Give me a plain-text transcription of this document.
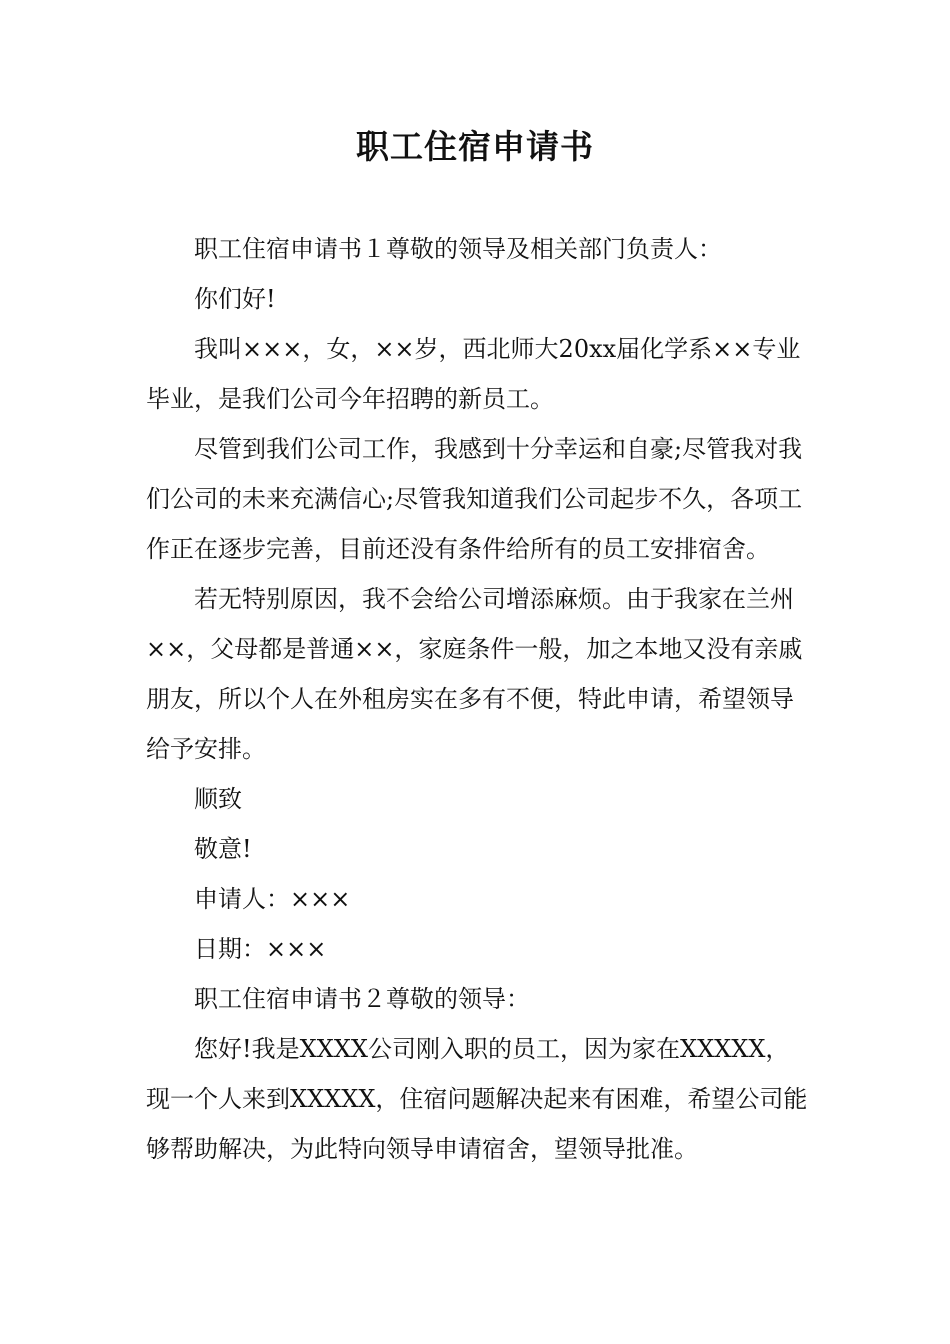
职工住宿申请书

职工住宿申请书１尊敬的领导及相关部门负责人：

你们好!

我叫×××，女，××岁，西北师大20xx届化学系××专业毕业，是我们公司今年招聘的新员工。

尽管到我们公司工作，我感到十分幸运和自豪;尽管我对我们公司的未来充满信心;尽管我知道我们公司起步不久，各项工作正在逐步完善，目前还没有条件给所有的员工安排宿舍。

若无特别原因，我不会给公司增添麻烦。由于我家在兰州××，父母都是普通××，家庭条件一般，加之本地又没有亲戚朋友，所以个人在外租房实在多有不便，特此申请，希望领导给予安排。

顺致

敬意!

申请人：×××

日期：×××

职工住宿申请书２尊敬的领导：

您好!我是XXXX公司刚入职的员工，因为家在XXXXX，现一个人来到XXXXX，住宿问题解决起来有困难，希望公司能够帮助解决，为此特向领导申请宿舍，望领导批准。
